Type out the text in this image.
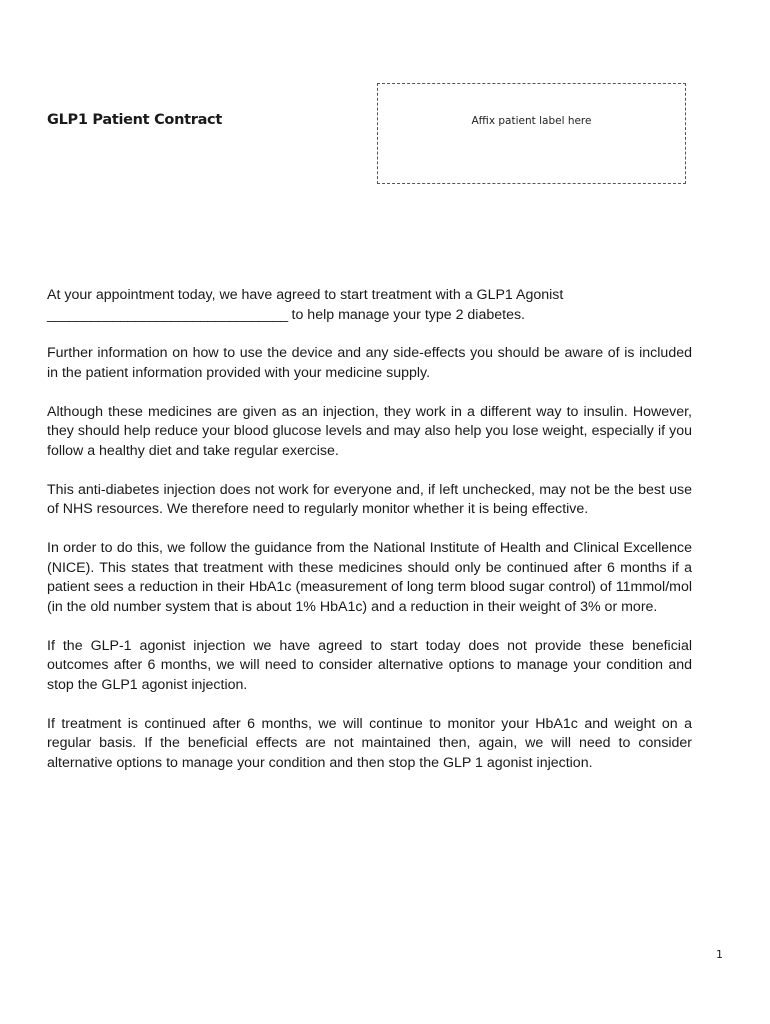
GLP1 Patient Contract	Affix patient label here

At your appointment today, we have agreed to start treatment with a GLP1 Agonist
_________________________________ to help manage your type 2 diabetes.

Further information on how to use the device and any side-effects you should be aware of is included in the patient information provided with your medicine supply.

Although these medicines are given as an injection, they work in a different way to insulin. However, they should help reduce your blood glucose levels and may also help you lose weight, especially if you follow a healthy diet and take regular exercise.

This anti-diabetes injection does not work for everyone and, if left unchecked, may not be the best use of NHS resources. We therefore need to regularly monitor whether it is being effective.

In order to do this, we follow the guidance from the National Institute of Health and Clinical Excellence (NICE). This states that treatment with these medicines should only be continued after 6 months if a patient sees a reduction in their HbA1c (measurement of long term blood sugar control) of 11mmol/mol (in the old number system that is about 1% HbA1c) and a reduction in their weight of 3% or more.

If the GLP-1 agonist injection we have agreed to start today does not provide these beneficial outcomes after 6 months, we will need to consider alternative options to manage your condition and stop the GLP1 agonist injection.

If treatment is continued after 6 months, we will continue to monitor your HbA1c and weight on a regular basis. If the beneficial effects are not maintained then, again, we will need to consider alternative options to manage your condition and then stop the GLP 1 agonist injection.

1
